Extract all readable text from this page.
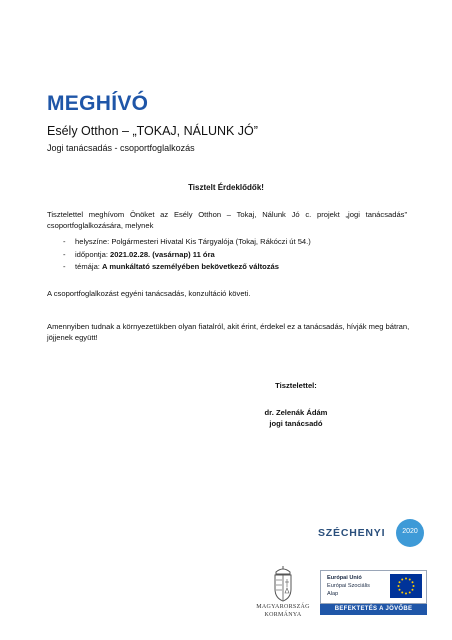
MEGHÍVÓ
Esély Otthon – „TOKAJ, NÁLUNK JÓ”
Jogi tanácsadás - csoportfoglalkozás
Tisztelt Érdeklődők!
Tisztelettel meghívom Önöket az Esély Otthon – Tokaj, Nálunk Jó c. projekt „jogi tanácsadás” csoportfoglalkozására, melynek
- helyszíne: Polgármesteri Hivatal Kis Tárgyalója (Tokaj, Rákóczi út 54.)
- időpontja: 2021.02.28. (vasárnap) 11 óra
- témája: A munkáltató személyében bekövetkező változás
A csoportfoglalkozást egyéni tanácsadás, konzultáció követi.
Amennyiben tudnak a környezetükben olyan fiatalról, akit érint, érdekel ez a tanácsadás, hívják meg bátran, jöjjenek együtt!
Tisztelettel:
dr. Zelenák Ádám
jogi tanácsadó
SZÉCHENYI	2020
MAGYARORSZÁG
KORMÁNYA
Európai Unió
Európai Szociális
Alap
BEFEKTETÉS A JÖVŐBE
